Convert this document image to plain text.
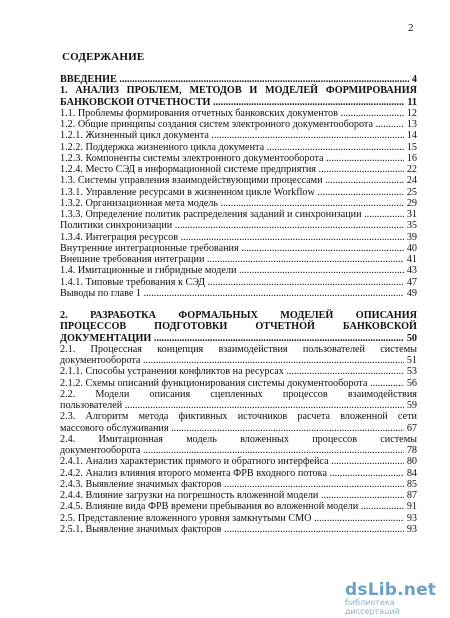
2
СОДЕРЖАНИЕ
ВВЕДЕНИЕ .....	4
1. АНАЛИЗ ПРОБЛЕМ, МЕТОДОВ И МОДЕЛЕЙ ФОРМИРОВАНИЯ
БАНКОВСКОЙ ОТЧЕТНОСТИ .....	11
1.1. Проблемы формирования отчетных банковских документов .....	12
1.2. Общие принципы создания систем электронного документооборота .....	13
1.2.1. Жизненный цикл документа .....	14
1.2.2. Поддержка жизненного цикла документа .....	15
1.2.3. Компоненты системы электронного документооборота .....	16
1.2.4. Место СЭД в информационной системе предприятия .....	22
1.3. Системы управления взаимодействующими процессами .....	24
1.3.1. Управление ресурсами в жизненном цикле Workflow .....	25
1.3.2. Организационная мета модель .....	29
1.3.3. Определение политик распределения заданий и синхронизации .....	31
Политики синхронизации .....	35
1.3.4. Интеграция ресурсов .....	39
Внутренние интеграционные требования .....	40
Внешние требования интеграции .....	41
1.4. Имитационные и гибридные модели .....	43
1.4.1. Типовые требования к СЭД .....	47
Выводы по главе 1 .....	49
2. РАЗРАБОТКА ФОРМАЛЬНЫХ МОДЕЛЕЙ ОПИСАНИЯ
ПРОЦЕССОВ ПОДГОТОВКИ ОТЧЕТНОЙ БАНКОВСКОЙ
ДОКУМЕНТАЦИИ .....	50
2.1. Процессная концепция взаимодействия пользователей системы
документооборота .....	51
2.1.1. Способы устранения конфликтов на ресурсах .....	53
2.1.2. Схемы описаний функционирования системы документооборота .....	56
2.2. Модели описания сцепленных процессов взаимодействия
пользователей .....	59
2.3. Алгоритм метода фиктивных источников расчета вложенной сети
массового обслуживания .....	67
2.4. Имитационная модель вложенных процессов системы
документооборота .....	78
2.4.1. Анализ характеристик прямого и обратного интерфейса .....	80
2.4.2. Анализ влияния второго момента ФРВ входного потока .....	84
2.4.3. Выявление значимых факторов .....	85
2.4.4. Влияние загрузки на погрешность вложенной модели .....	87
2.4.5. Влияние вида ФРВ времени пребывания во вложенной модели .....	91
2.5. Представление вложенного уровня замкнутыми СМО .....	93
2.5.1. Выявление значимых факторов .....	93
dsLib.net
библиотека диссертаций
